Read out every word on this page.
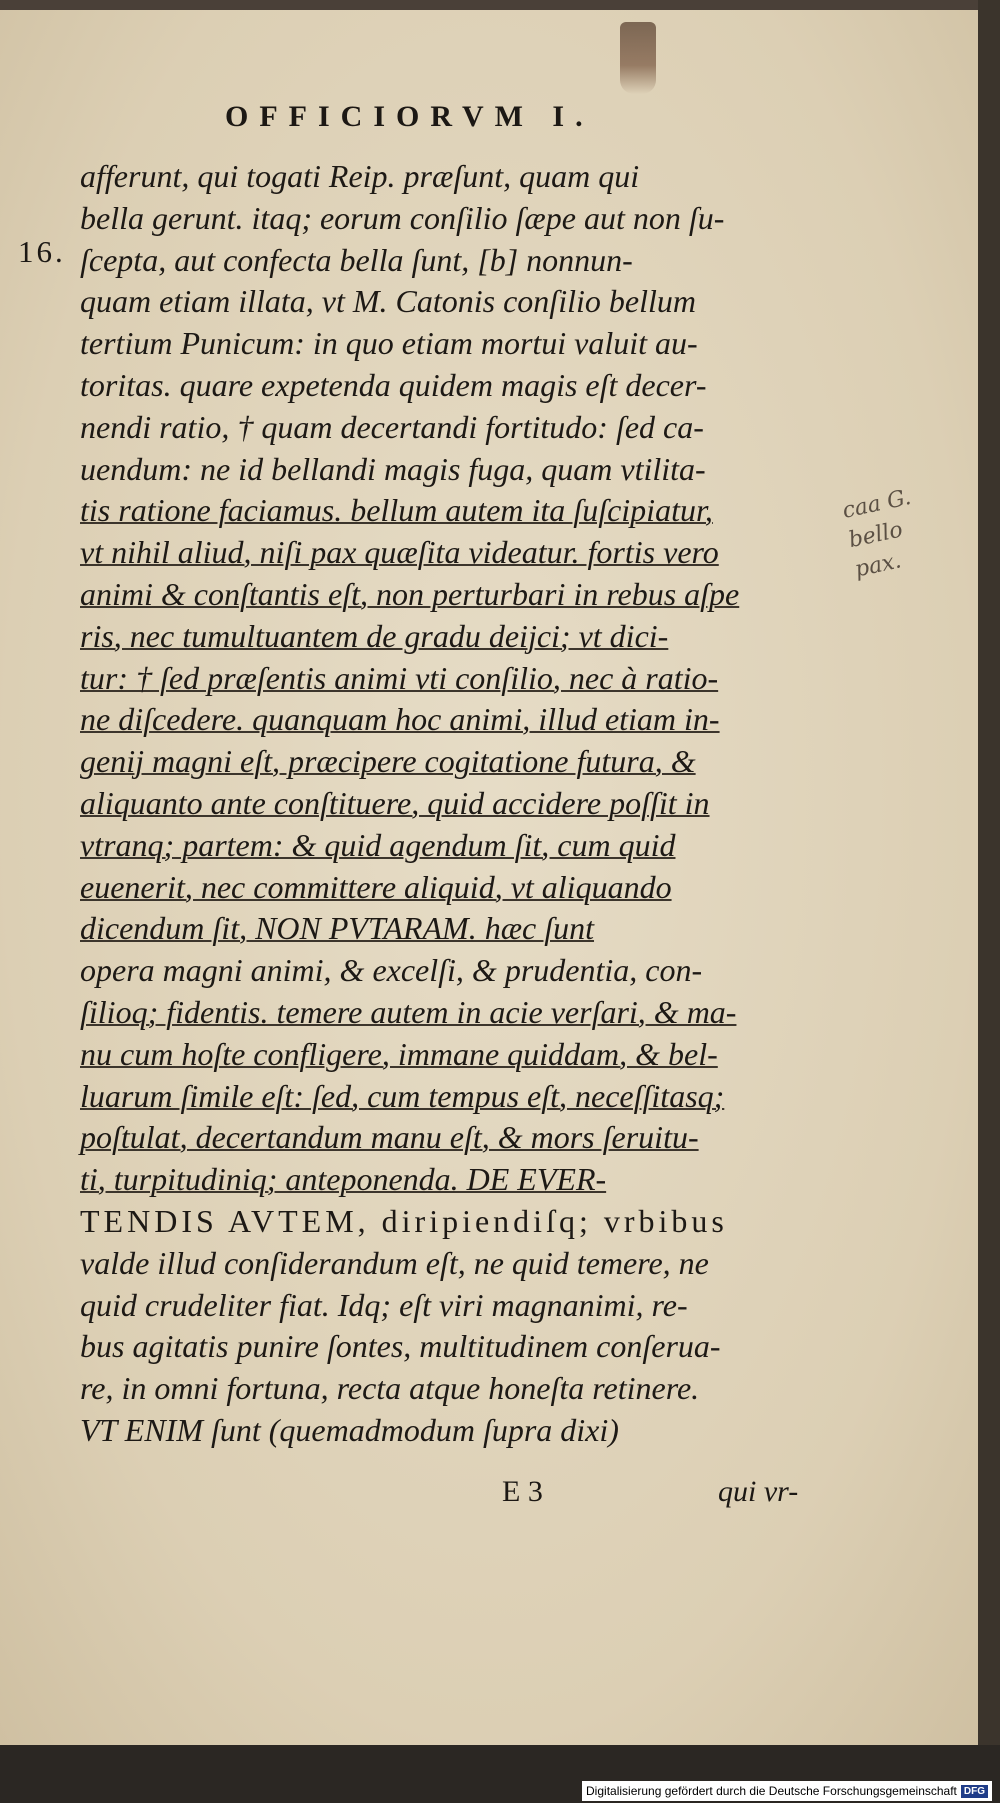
OFFICIORVM I.
16.
afferunt, qui togati Reip. præſunt, quam qui
bella gerunt. itaq; eorum conſilio ſæpe aut non ſu-
ſcepta, aut confecta bella ſunt, [b] nonnun-
quam etiam illata, vt M. Catonis conſilio bellum
tertium Punicum: in quo etiam mortui valuit au-
toritas. quare expetenda quidem magis eſt decer-
nendi ratio, † quam decertandi fortitudo: ſed ca-
uendum: ne id bellandi magis fuga, quam vtilita-
tis ratione faciamus. bellum autem ita ſuſcipiatur,
vt nihil aliud, niſi pax quæſita videatur. fortis vero
animi & conſtantis eſt, non perturbari in rebus aſpe
ris, nec tumultuantem de gradu deijci; vt dici-
tur: † ſed præſentis animi vti conſilio, nec à ratio-
ne diſcedere. quanquam hoc animi, illud etiam in-
genij magni eſt, præcipere cogitatione futura, &
aliquanto ante conſtituere, quid accidere poſſit in
vtranq; partem: & quid agendum ſit, cum quid
euenerit, nec committere aliquid, vt aliquando
dicendum ſit, NON PVTARAM. hæc ſunt
opera magni animi, & excelſi, & prudentia, con-
ſilioq; fidentis. temere autem in acie verſari, & ma-
nu cum hoſte confligere, immane quiddam, & bel-
luarum ſimile eſt: ſed, cum tempus eſt, neceſſitasq;
poſtulat, decertandum manu eſt, & mors ſeruitu-
ti, turpitudiniq; anteponenda. DE EVER-
TENDIS AVTEM, diripiendiſq; vrbibus
valde illud conſiderandum eſt, ne quid temere, ne
quid crudeliter fiat. Idq; eſt viri magnanimi, re-
bus agitatis punire ſontes, multitudinem conſerua-
re, in omni fortuna, recta atque honeſta retinere.
VT ENIM ſunt (quemadmodum ſupra dixi)
caa G.
bello
pax.
E 3	qui vr-
Digitalisierung gefördert durch die Deutsche Forschungsgemeinschaft DFG
